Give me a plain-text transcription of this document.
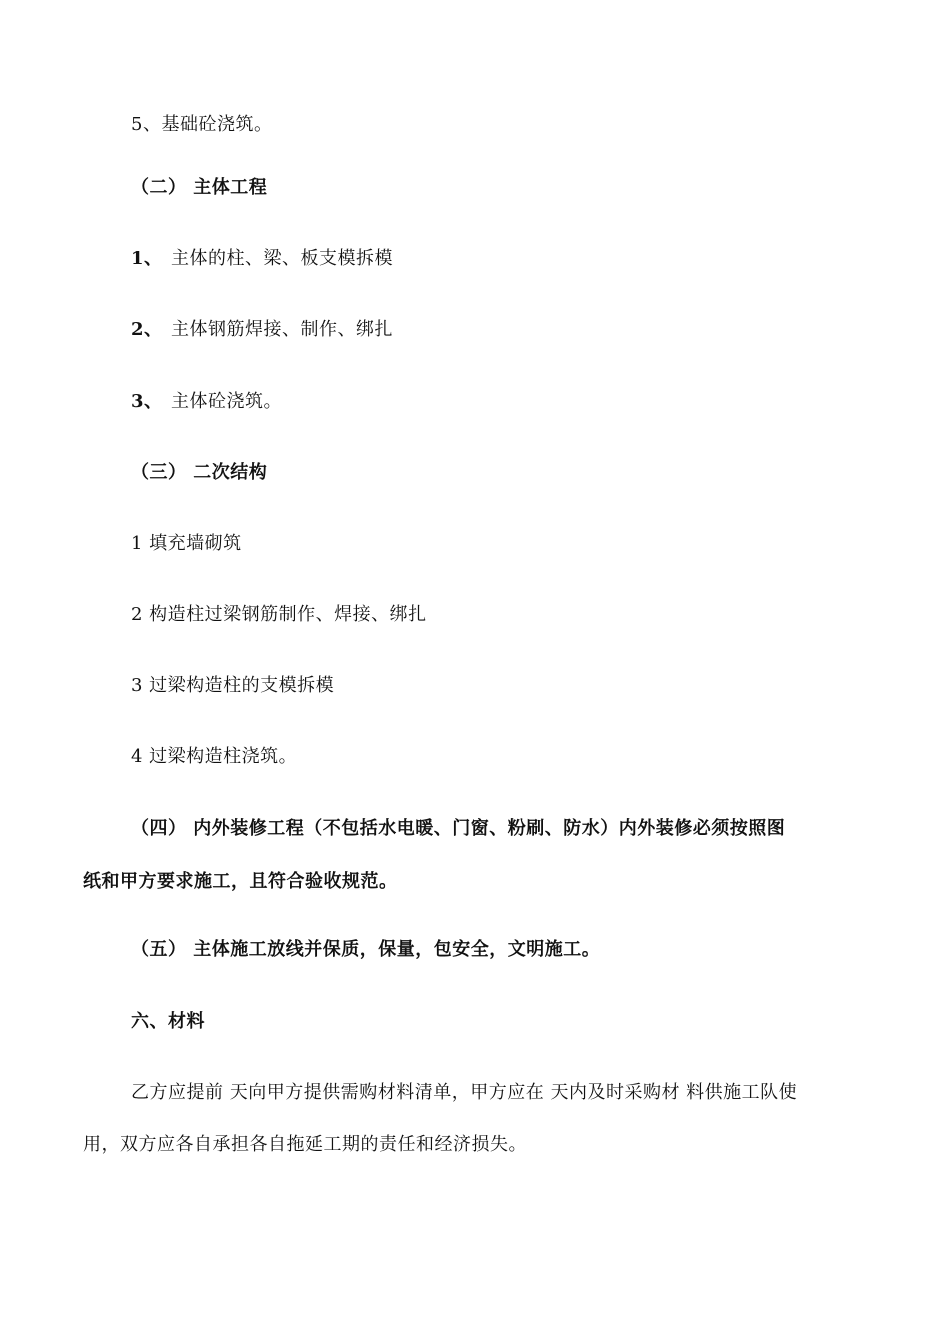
5、基础砼浇筑。
（二） 主体工程
1、 主体的柱、梁、板支模拆模
2、 主体钢筋焊接、制作、绑扎
3、 主体砼浇筑。
（三） 二次结构
1 填充墙砌筑
2 构造柱过梁钢筋制作、焊接、绑扎
3 过梁构造柱的支模拆模
4 过梁构造柱浇筑。
（四） 内外装修工程（不包括水电暖、门窗、粉刷、防水）内外装修必须按照图
纸和甲方要求施工，且符合验收规范。
（五） 主体施工放线并保质，保量，包安全，文明施工。
六、材料
乙方应提前 天向甲方提供需购材料清单，甲方应在 天内及时采购材 料供施工队使
用，双方应各自承担各自拖延工期的责任和经济损失。
